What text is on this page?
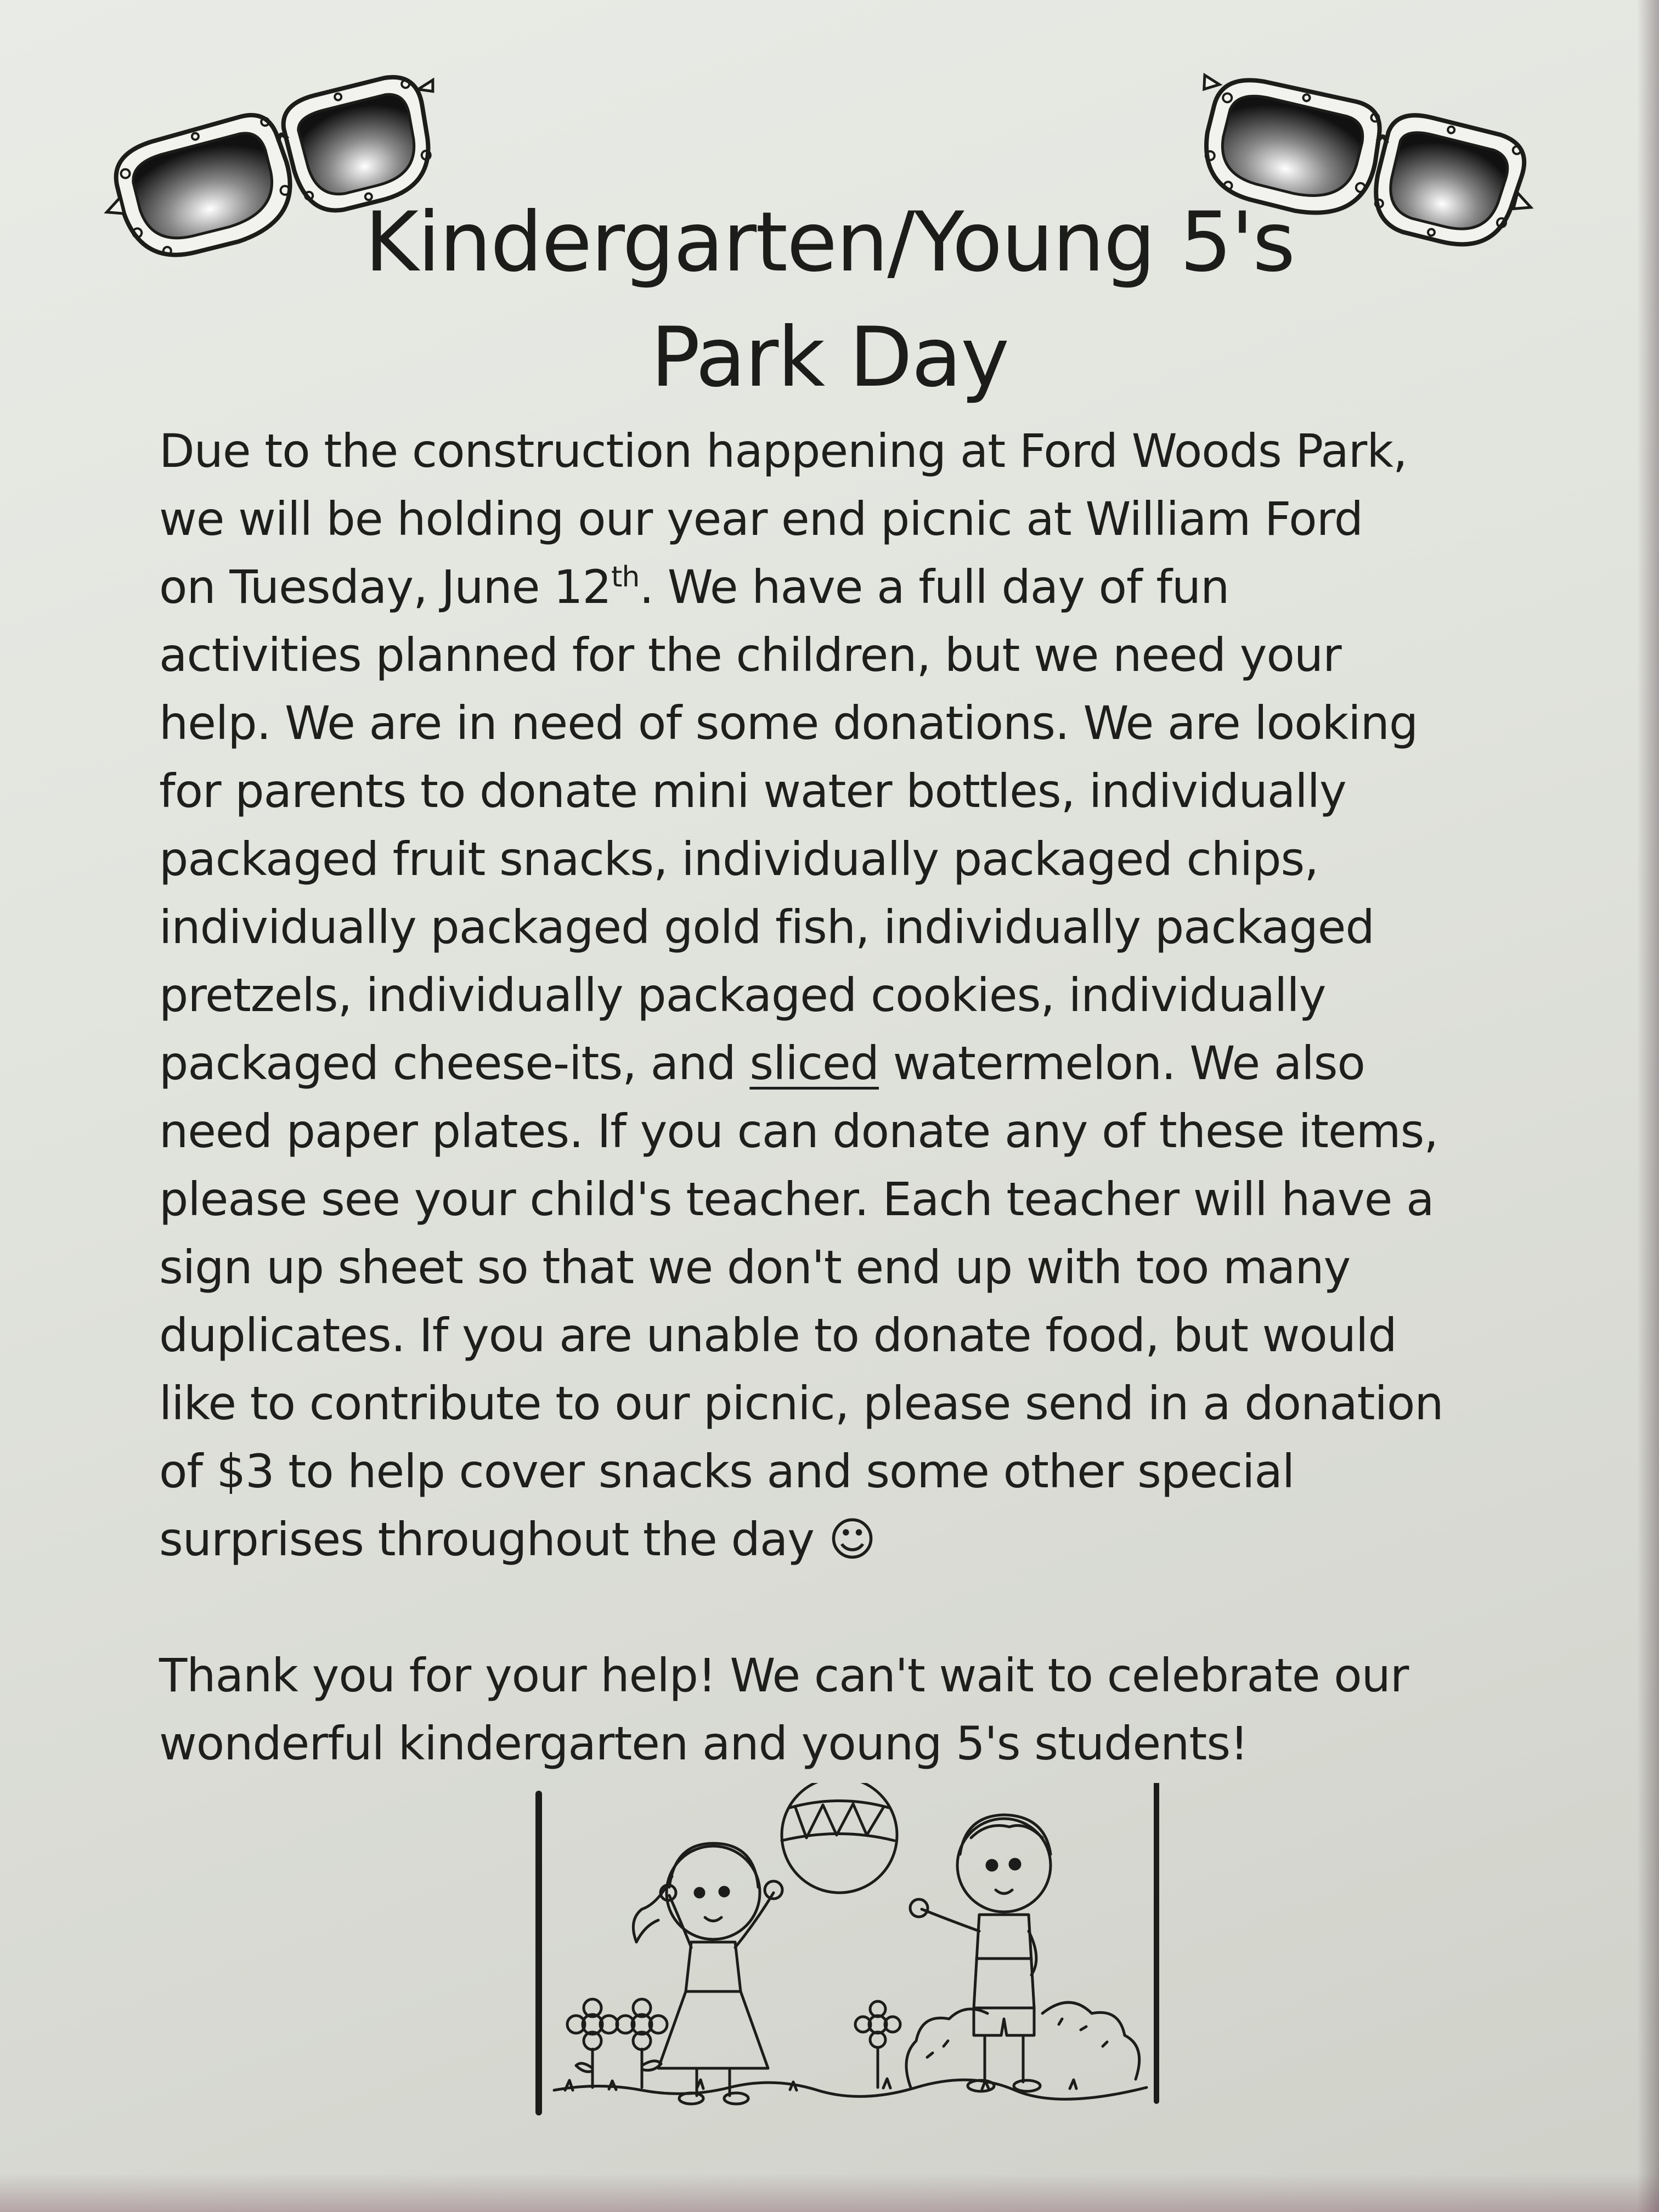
Kindergarten/Young 5's
Park Day
Due to the construction happening at Ford Woods Park,
we will be holding our year end picnic at William Ford
on Tuesday, June 12th. We have a full day of fun
activities planned for the children, but we need your
help. We are in need of some donations. We are looking
for parents to donate mini water bottles, individually
packaged fruit snacks, individually packaged chips,
individually packaged gold fish, individually packaged
pretzels, individually packaged cookies, individually
packaged cheese-its, and sliced watermelon. We also
need paper plates. If you can donate any of these items,
please see your child's teacher. Each teacher will have a
sign up sheet so that we don't end up with too many
duplicates. If you are unable to donate food, but would
like to contribute to our picnic, please send in a donation
of $3 to help cover snacks and some other special
surprises throughout the day ☺
Thank you for your help! We can't wait to celebrate our
wonderful kindergarten and young 5's students!
